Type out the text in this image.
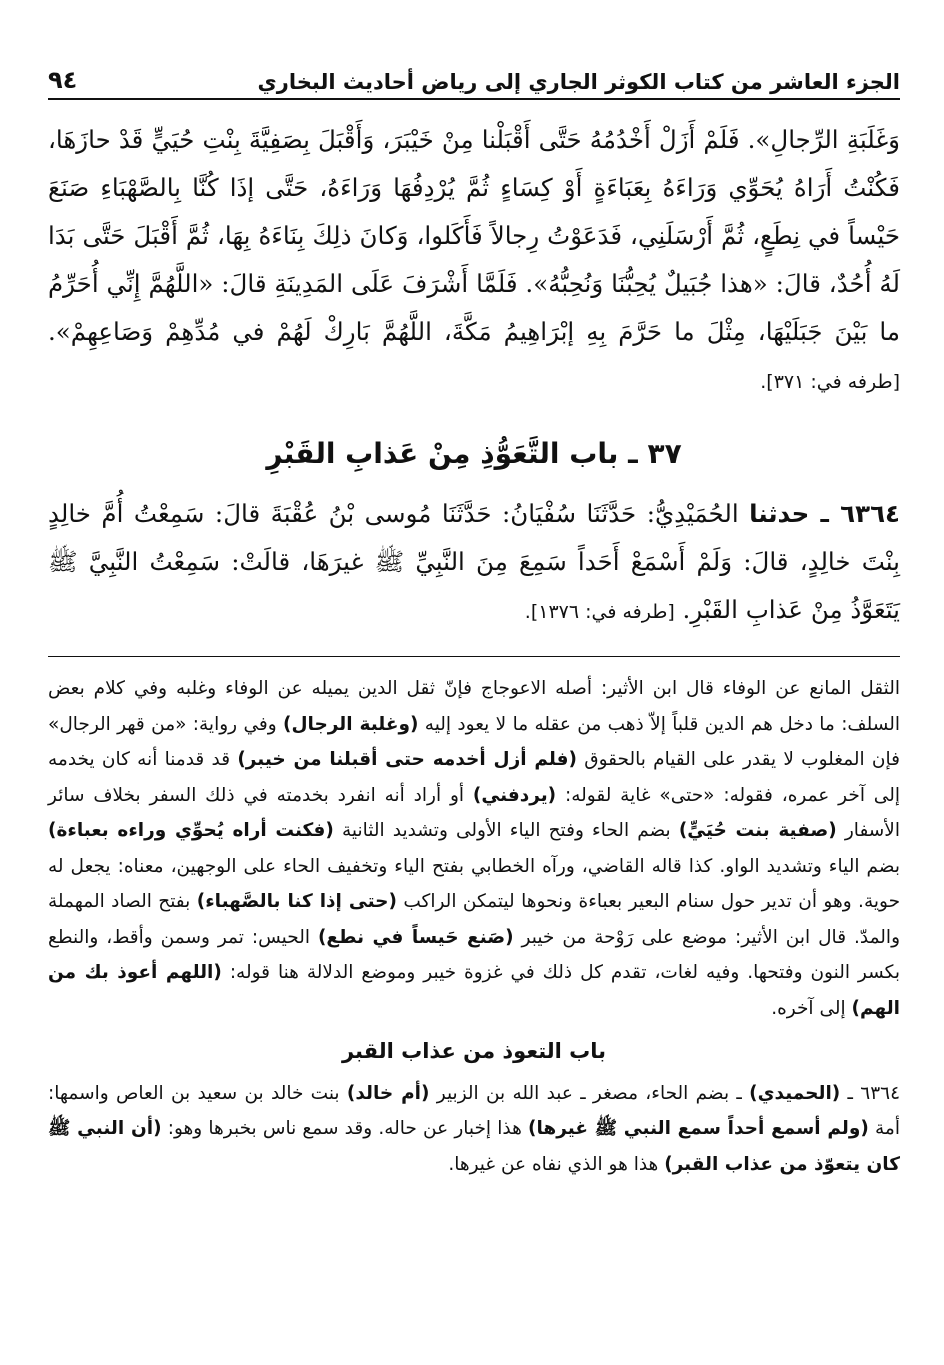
الجزء العاشر من كتاب الكوثر الجاري إلى رياض أحاديث البخاري
٩٤

وَغَلَبَةِ الرِّجالِ». فَلَمْ أَزَلْ أَخْدُمُهُ حَتَّى أَقْبَلْنا مِنْ خَيْبَرَ، وَأَقْبَلَ بِصَفِيَّةَ بِنْتِ حُيَيٍّ قَدْ حازَهَا، فَكُنْتُ أَرَاهُ يُحَوِّي وَرَاءَهُ بِعَبَاءَةٍ أَوْ كِسَاءٍ ثُمَّ يُرْدِفُهَا وَرَاءَهُ، حَتَّى إذَا كُنَّا بِالصَّهْبَاءِ صَنَعَ حَيْساً في نِطَعٍ، ثُمَّ أَرْسَلَنِي، فَدَعَوْتُ رِجالاً فَأَكَلوا، وَكانَ ذلِكَ بِنَاءَهُ بِهَا، ثُمَّ أَقْبَلَ حَتَّى بَدَا لَهُ أُحُدٌ، قالَ: «هذا جُبَيلٌ يُحِبُّنَا وَنُحِبُّهُ». فَلَمَّا أَشْرَفَ عَلَى المَدِينَةِ قالَ: «اللَّهُمَّ إِنِّي أُحَرِّمُ ما بَيْنَ جَبَلَيْهَا، مِثْلَ ما حَرَّمَ بِهِ إبْرَاهِيمُ مَكَّةَ، اللَّهُمَّ بَارِكْ لَهُمْ في مُدِّهِمْ وَصَاعِهِمْ». [طرفه في: ٣٧١].

٣٧ ـ باب التَّعَوُّذِ مِنْ عَذابِ القَبْرِ

٦٣٦٤ ـ حدثنا الحُمَيْدِيُّ: حَدَّثَنَا سُفْيَانُ: حَدَّثَنَا مُوسى بْنُ عُقْبَةَ قالَ: سَمِعْتُ أُمَّ خالِدٍ بِنْتَ خالِدٍ، قالَ: وَلَمْ أَسْمَعْ أَحَداً سَمِعَ مِنَ النَّبِيِّ ﷺ غيرَهَا، قالَتْ: سَمِعْتُ النَّبِيَّ ﷺ يَتَعَوَّذُ مِنْ عَذابِ القَبْرِ. [طرفه في: ١٣٧٦].

الثقل المانع عن الوفاء قال ابن الأثير: أصله الاعوجاج فإنّ ثقل الدين يميله عن الوفاء وغلبه وفي كلام بعض السلف: ما دخل هم الدين قلباً إلاّ ذهب من عقله ما لا يعود إليه (وغلبة الرجال) وفي رواية: «من قهر الرجال» فإن المغلوب لا يقدر على القيام بالحقوق (فلم أزل أخدمه حتى أقبلنا من خيبر) قد قدمنا أنه كان يخدمه إلى آخر عمره، فقوله: «حتى» غاية لقوله: (يردفني) أو أراد أنه انفرد بخدمته في ذلك السفر بخلاف سائر الأسفار (صفية بنت حُيَيٍّ) بضم الحاء وفتح الياء الأولى وتشديد الثانية (فكنت أراه يُحوِّي وراءه بعباءة) بضم الياء وتشديد الواو. كذا قاله القاضي، ورآه الخطابي بفتح الياء وتخفيف الحاء على الوجهين، معناه: يجعل له حوية. وهو أن تدير حول سنام البعير بعباءة ونحوها ليتمكن الراكب (حتى إذا كنا بالصَّهباء) بفتح الصاد المهملة والمدّ. قال ابن الأثير: موضع على رَوْحة من خيبر (صَنع حَيساً في نطع) الحيس: تمر وسمن وأقط، والنطع بكسر النون وفتحها. وفيه لغات، تقدم كل ذلك في غزوة خيبر وموضع الدلالة هنا قوله: (اللهم أعوذ بك من الهم) إلى آخره.

باب التعوذ من عذاب القبر

٦٣٦٤ ـ (الحميدي) ـ بضم الحاء، مصغر ـ عبد الله بن الزبير (أم خالد) بنت خالد بن سعيد بن العاص واسمها: أمة (ولم أسمع أحداً سمع النبي ﷺ غيرها) هذا إخبار عن حاله. وقد سمع ناس بخبرها وهو: (أن النبي ﷺ كان يتعوّذ من عذاب القبر) هذا هو الذي نفاه عن غيرها.
